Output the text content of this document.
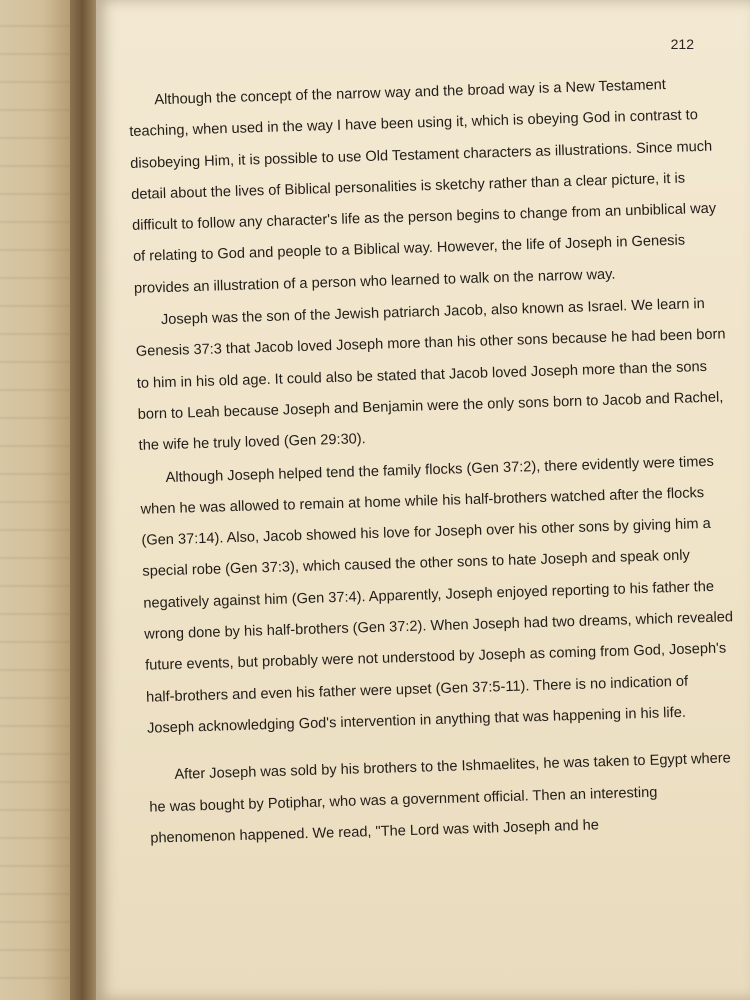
212

Although the concept of the narrow way and the broad way is a New Testament teaching, when used in the way I have been using it, which is obeying God in contrast to disobeying Him, it is possible to use Old Testament characters as illustrations. Since much detail about the lives of Biblical personalities is sketchy rather than a clear picture, it is difficult to follow any character's life as the person begins to change from an unbiblical way of relating to God and people to a Biblical way. However, the life of Joseph in Genesis provides an illustration of a person who learned to walk on the narrow way.

Joseph was the son of the Jewish patriarch Jacob, also known as Israel. We learn in Genesis 37:3 that Jacob loved Joseph more than his other sons because he had been born to him in his old age. It could also be stated that Jacob loved Joseph more than the sons born to Leah because Joseph and Benjamin were the only sons born to Jacob and Rachel, the wife he truly loved (Gen 29:30).

Although Joseph helped tend the family flocks (Gen 37:2), there evidently were times when he was allowed to remain at home while his half-brothers watched after the flocks (Gen 37:14). Also, Jacob showed his love for Joseph over his other sons by giving him a special robe (Gen 37:3), which caused the other sons to hate Joseph and speak only negatively against him (Gen 37:4). Apparently, Joseph enjoyed reporting to his father the wrong done by his half-brothers (Gen 37:2). When Joseph had two dreams, which revealed future events, but probably were not understood by Joseph as coming from God, Joseph's half-brothers and even his father were upset (Gen 37:5-11). There is no indication of Joseph acknowledging God's intervention in anything that was happening in his life.

After Joseph was sold by his brothers to the Ishmaelites, he was taken to Egypt where he was bought by Potiphar, who was a government official. Then an interesting phenomenon happened. We read, "The Lord was with Joseph and he
